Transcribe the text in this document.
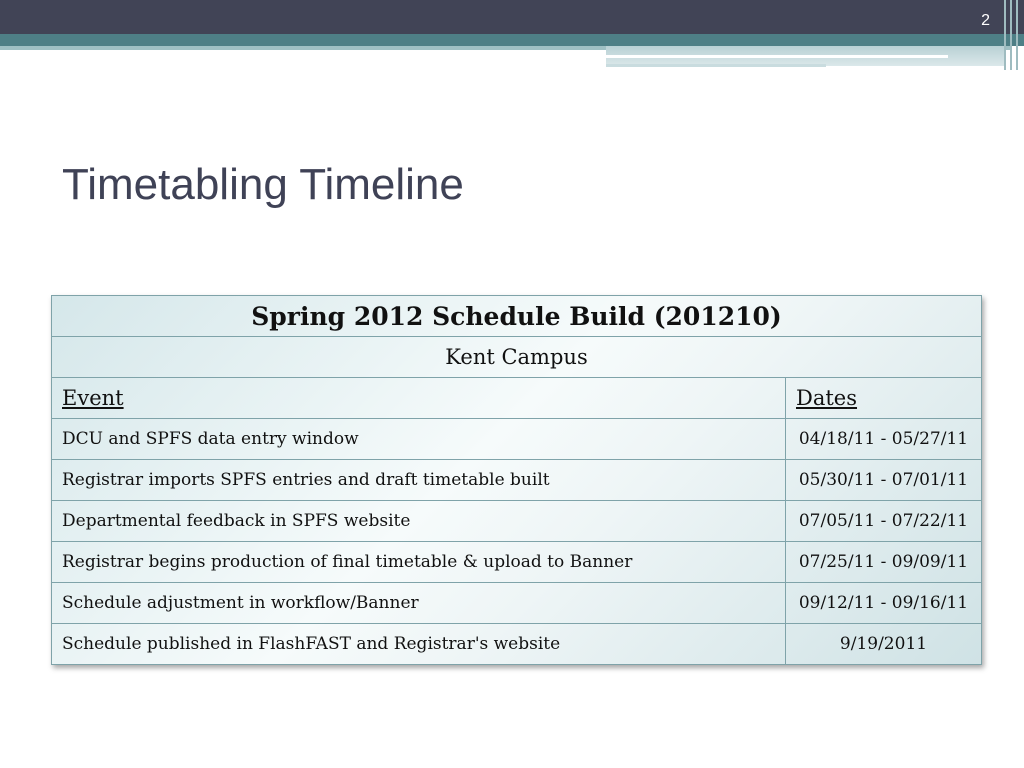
2
Timetabling Timeline
Spring 2012 Schedule Build (201210)	
Kent Campus	
Event	Dates
DCU and SPFS data entry window	04/18/11 - 05/27/11
Registrar imports SPFS entries and draft timetable built	05/30/11 - 07/01/11
Departmental feedback in SPFS website	07/05/11 - 07/22/11
Registrar begins production of final timetable & upload to Banner	07/25/11 - 09/09/11
Schedule adjustment in workflow/Banner	09/12/11 - 09/16/11
Schedule published in FlashFAST and Registrar's website	9/19/2011
